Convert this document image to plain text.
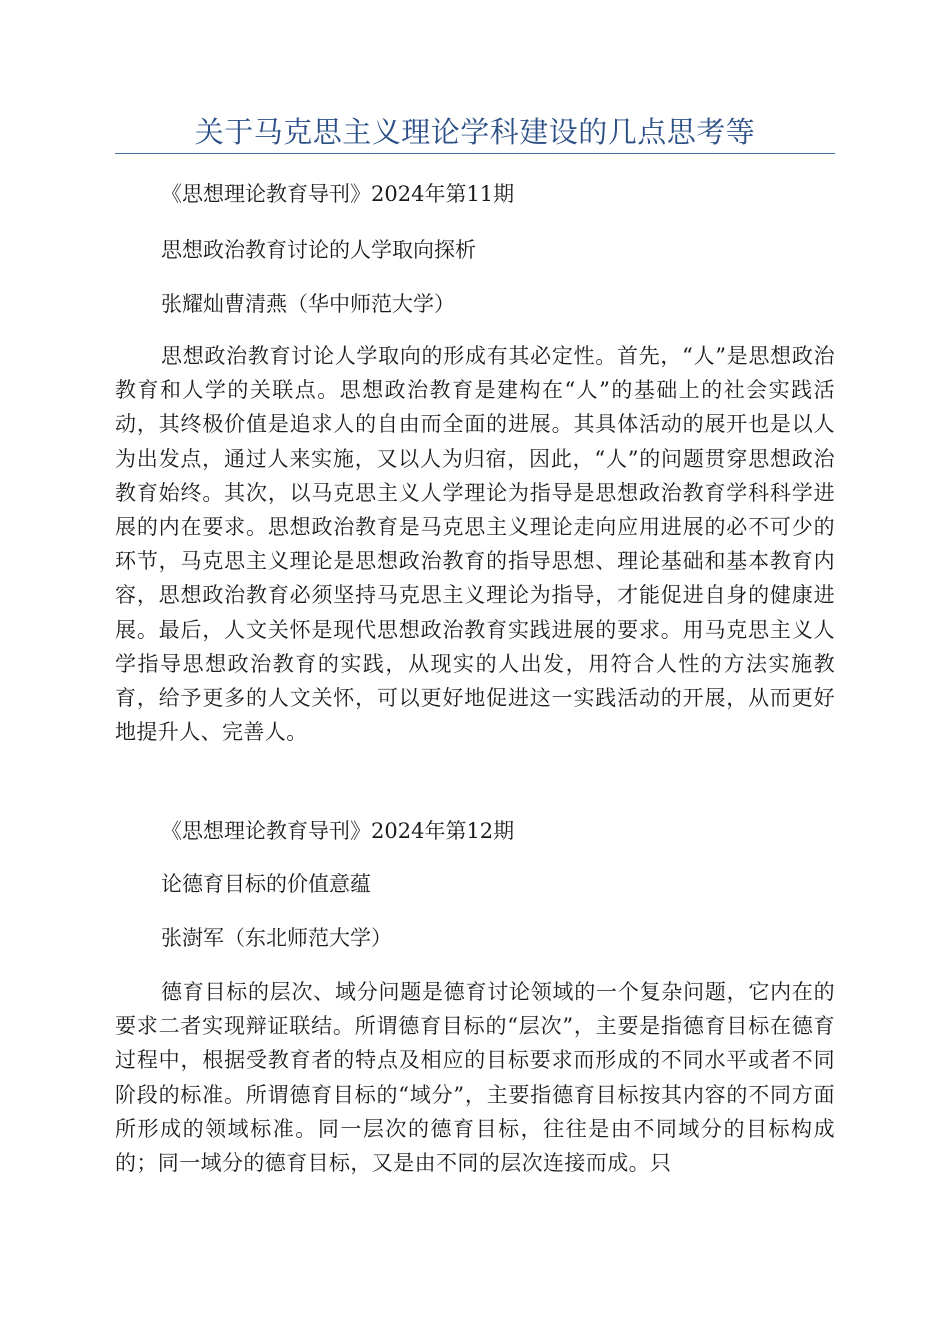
关于马克思主义理论学科建设的几点思考等

《思想理论教育导刊》2024年第11期

思想政治教育讨论的人学取向探析

张耀灿曹清燕（华中师范大学）

思想政治教育讨论人学取向的形成有其必定性。首先，“人”是思想政治教育和人学的关联点。思想政治教育是建构在“人”的基础上的社会实践活动，其终极价值是追求人的自由而全面的进展。其具体活动的展开也是以人为出发点，通过人来实施，又以人为归宿，因此，“人”的问题贯穿思想政治教育始终。其次，以马克思主义人学理论为指导是思想政治教育学科科学进展的内在要求。思想政治教育是马克思主义理论走向应用进展的必不可少的环节，马克思主义理论是思想政治教育的指导思想、理论基础和基本教育内容，思想政治教育必须坚持马克思主义理论为指导，才能促进自身的健康进展。最后，人文关怀是现代思想政治教育实践进展的要求。用马克思主义人学指导思想政治教育的实践，从现实的人出发，用符合人性的方法实施教育，给予更多的人文关怀，可以更好地促进这一实践活动的开展，从而更好地提升人、完善人。

《思想理论教育导刊》2024年第12期

论德育目标的价值意蕴

张澍军（东北师范大学）

德育目标的层次、域分问题是德育讨论领域的一个复杂问题，它内在的要求二者实现辩证联结。所谓德育目标的“层次”，主要是指德育目标在德育过程中，根据受教育者的特点及相应的目标要求而形成的不同水平或者不同阶段的标准。所谓德育目标的“域分”，主要指德育目标按其内容的不同方面所形成的领域标准。同一层次的德育目标，往往是由不同域分的目标构成的；同一域分的德育目标，又是由不同的层次连接而成。只
